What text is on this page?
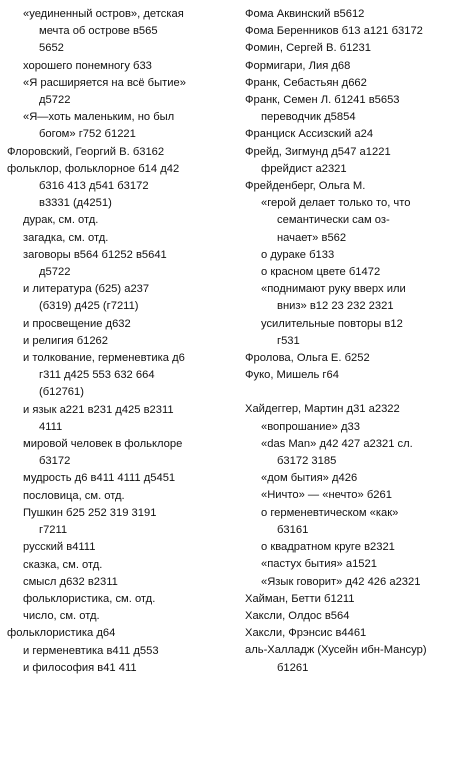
«уединенный остров», детская
мечта об острове в565
5652
хорошего понемногу б33
«Я расширяется на всё бытие»
д5722
«Я—хоть маленьким, но был
богом» г752 б1221
Флоровский, Георгий В. б3162
фольклор, фольклорное б14 д42
б316 413 д541 б3172
в3331 (д4251)
дурак, см. отд.
загадка, см. отд.
заговоры в564 б1252 в5641
д5722
и литература (б25) а237
(б319) д425 (г7211)
и просвещение д632
и религия б1262
и толкование, герменевтика д6
г311 д425 553 632 664
(б12761)
и язык а221 в231 д425 в2311
4111
мировой человек в фольклоре
б3172
мудрость д6 в411 4111 д5451
пословица, см. отд.
Пушкин б25 252 319 3191
г7211
русский в4111
сказка, см. отд.
смысл д632 в2311
фольклористика, см. отд.
число, см. отд.
фольклористика д64
и герменевтика в411 д553
и философия в41 411
Фома Аквинский в5612
Фома Беренников б13 а121 б3172
Фомин, Сергей В. б1231
Формигари, Лия д68
Франк, Себастьян д662
Франк, Семен Л. б1241 в5653
переводчик д5854
Франциск Ассизский а24
Фрейд, Зигмунд д547 а1221
фрейдист а2321
Фрейденберг, Ольга М.
«герой делает только то, что
семантически сам оз-
начает» в562
о дураке б133
о красном цвете б1472
«поднимают руку вверх или
вниз» в12 23 232 2321
усилительные повторы в12
г531
Фролова, Ольга Е. б252
Фуко, Мишель г64
Хайдеггер, Мартин д31 а2322
«вопрошание» д33
«das Man» д42 427 а2321 сл.
б3172 3185
«дом бытия» д426
«Ничто» — «нечто» б261
о герменевтическом «как»
б3161
о квадратном круге в2321
«пастух бытия» а1521
«Язык говорит» д42 426 а2321
Хайман, Бетти б1211
Хаксли, Олдос в564
Хаксли, Фрэнсис в4461
аль-Халладж (Хусейн ибн-Мансур)
б1261
